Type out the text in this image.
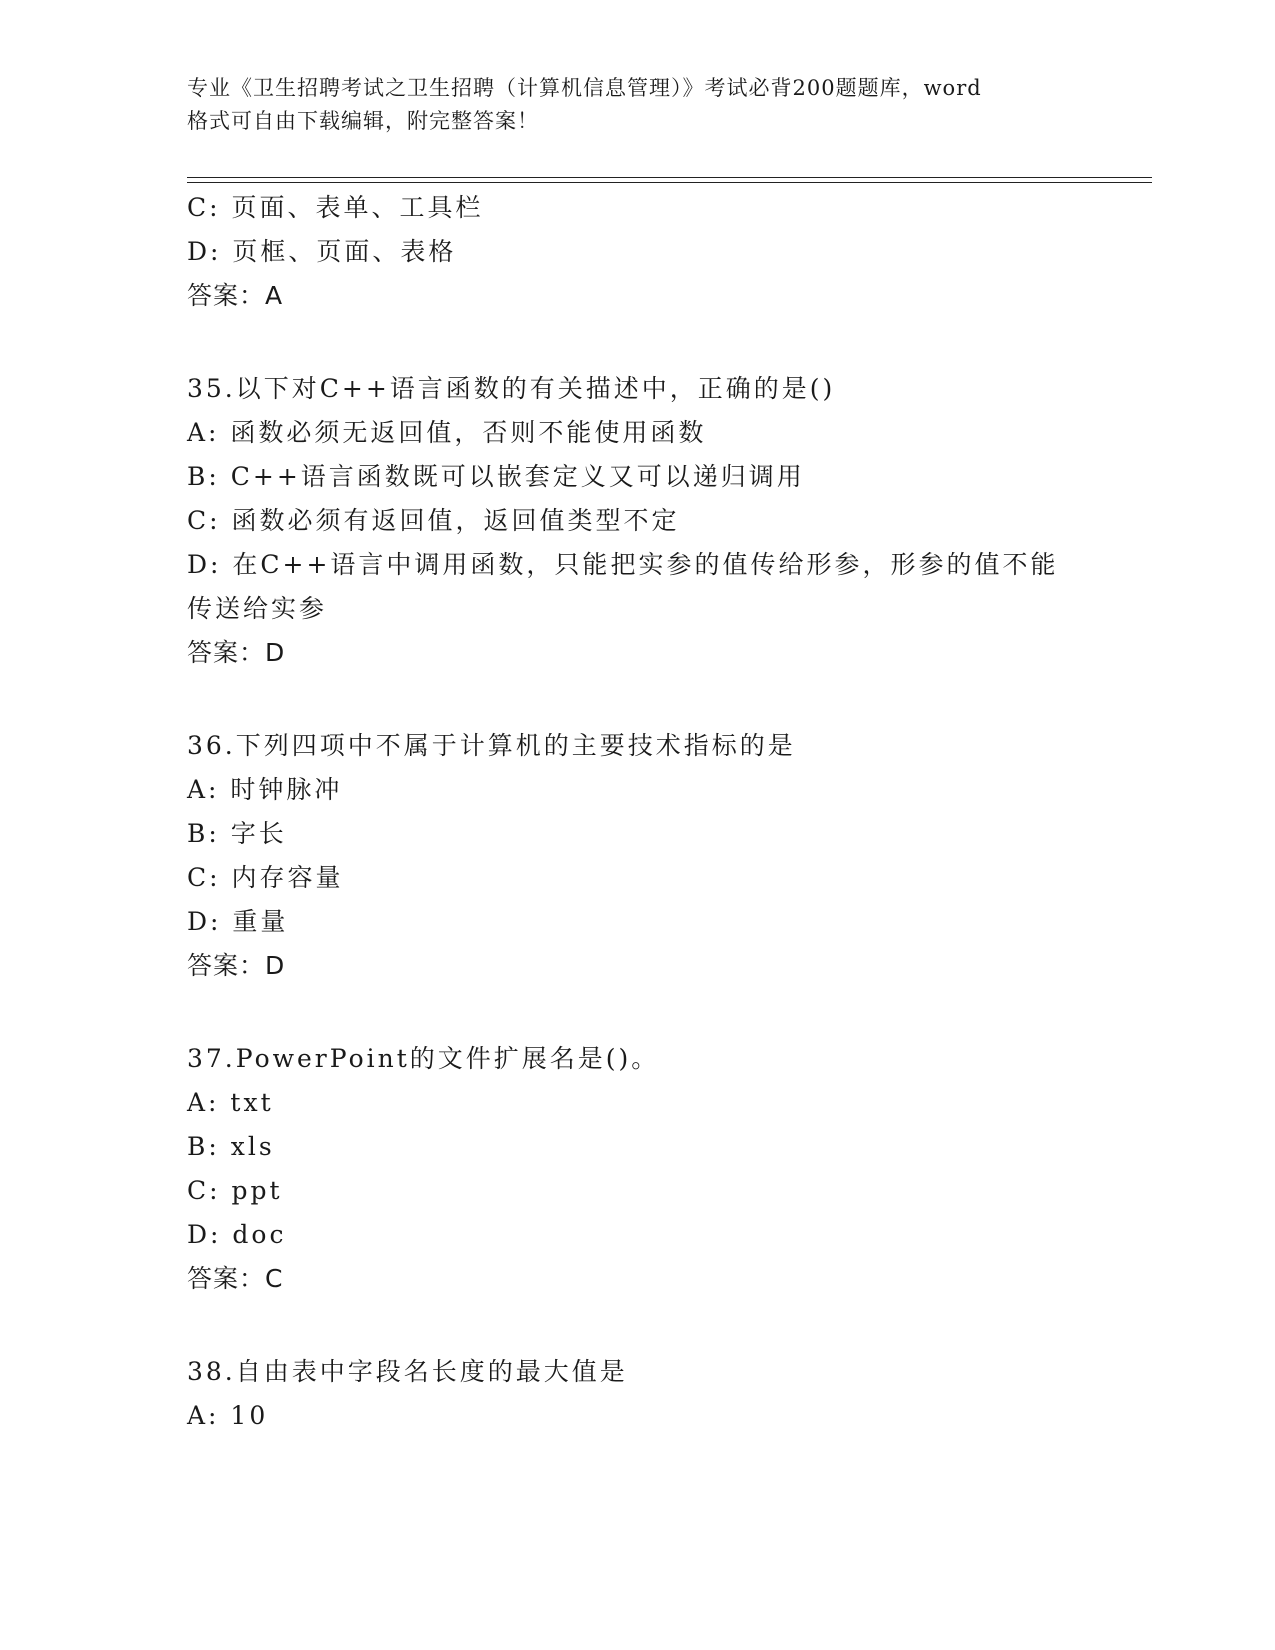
专业《卫生招聘考试之卫生招聘（计算机信息管理）》考试必背200题题库，word
格式可自由下载编辑，附完整答案！
C: 页面、表单、工具栏
D: 页框、页面、表格
答案：A
35.以下对C++语言函数的有关描述中，正确的是()
A: 函数必须无返回值，否则不能使用函数
B: C++语言函数既可以嵌套定义又可以递归调用
C: 函数必须有返回值，返回值类型不定
D: 在C++语言中调用函数，只能把实参的值传给形参，形参的值不能
传送给实参
答案：D
36.下列四项中不属于计算机的主要技术指标的是
A: 时钟脉冲
B: 字长
C: 内存容量
D: 重量
答案：D
37.PowerPoint的文件扩展名是()。
A: txt
B: xls
C: ppt
D: doc
答案：C
38.自由表中字段名长度的最大值是
A: 10
